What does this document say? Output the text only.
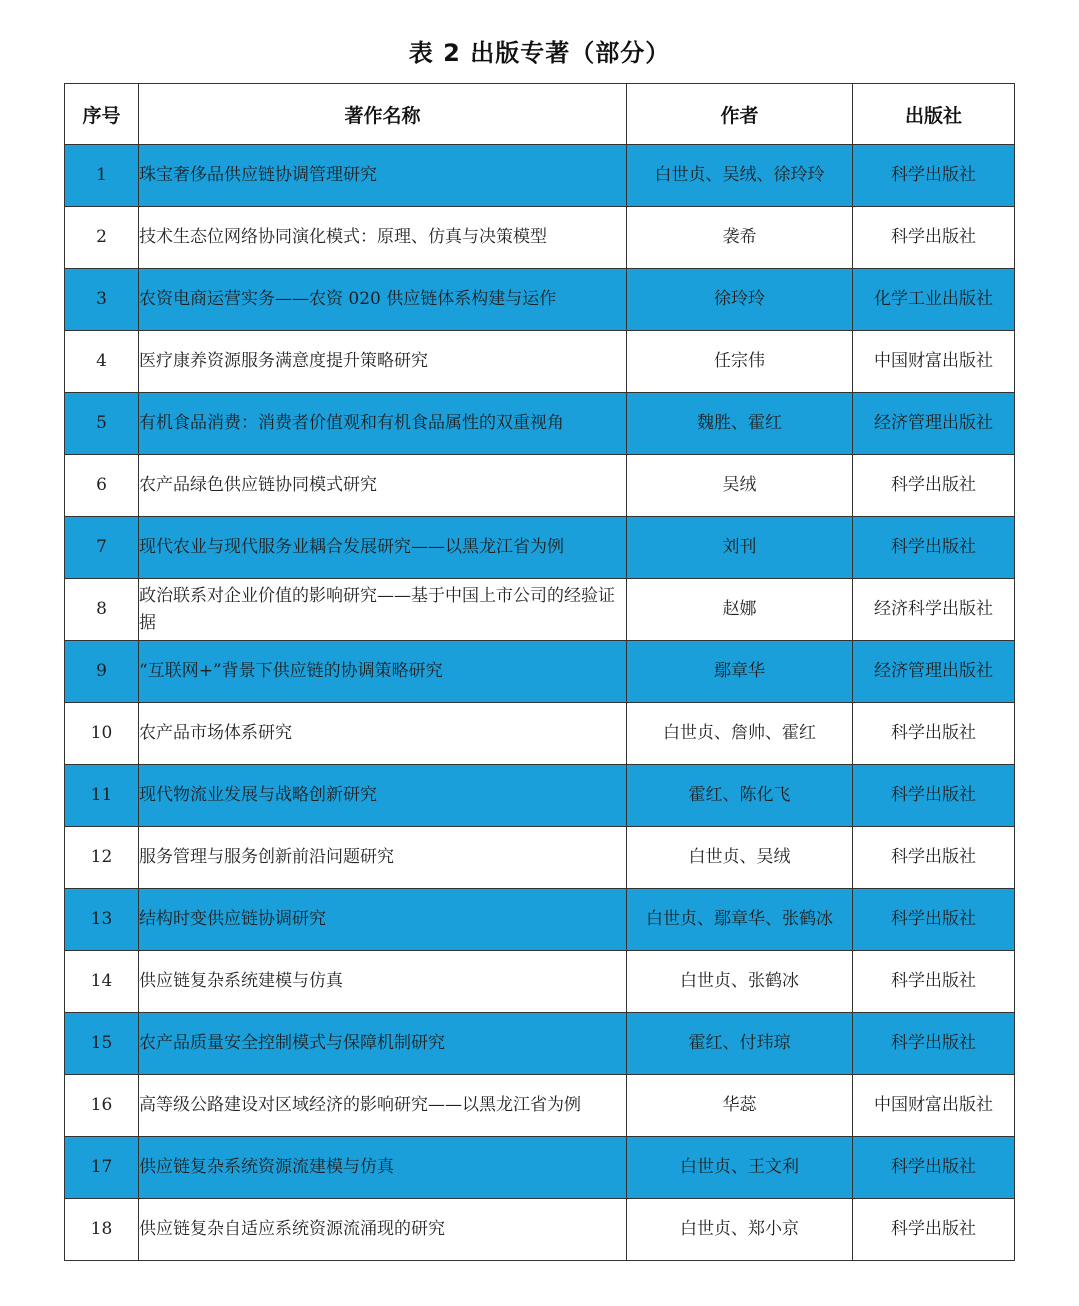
表 2 出版专著（部分）
序号	著作名称	作者	出版社
1	珠宝奢侈品供应链协调管理研究	白世贞、吴绒、徐玲玲	科学出版社
2	技术生态位网络协同演化模式：原理、仿真与决策模型	袭希	科学出版社
3	农资电商运营实务——农资 020 供应链体系构建与运作	徐玲玲	化学工业出版社
4	医疗康养资源服务满意度提升策略研究	任宗伟	中国财富出版社
5	有机食品消费：消费者价值观和有机食品属性的双重视角	魏胜、霍红	经济管理出版社
6	农产品绿色供应链协同模式研究	吴绒	科学出版社
7	现代农业与现代服务业耦合发展研究——以黑龙江省为例	刘刊	科学出版社
8	政治联系对企业价值的影响研究——基于中国上市公司的经验证据	赵娜	经济科学出版社
9	“互联网+”背景下供应链的协调策略研究	鄢章华	经济管理出版社
10	农产品市场体系研究	白世贞、詹帅、霍红	科学出版社
11	现代物流业发展与战略创新研究	霍红、陈化飞	科学出版社
12	服务管理与服务创新前沿问题研究	白世贞、吴绒	科学出版社
13	结构时变供应链协调研究	白世贞、鄢章华、张鹤冰	科学出版社
14	供应链复杂系统建模与仿真	白世贞、张鹤冰	科学出版社
15	农产品质量安全控制模式与保障机制研究	霍红、付玮琼	科学出版社
16	高等级公路建设对区域经济的影响研究——以黑龙江省为例	华蕊	中国财富出版社
17	供应链复杂系统资源流建模与仿真	白世贞、王文利	科学出版社
18	供应链复杂自适应系统资源流涌现的研究	白世贞、郑小京	科学出版社
